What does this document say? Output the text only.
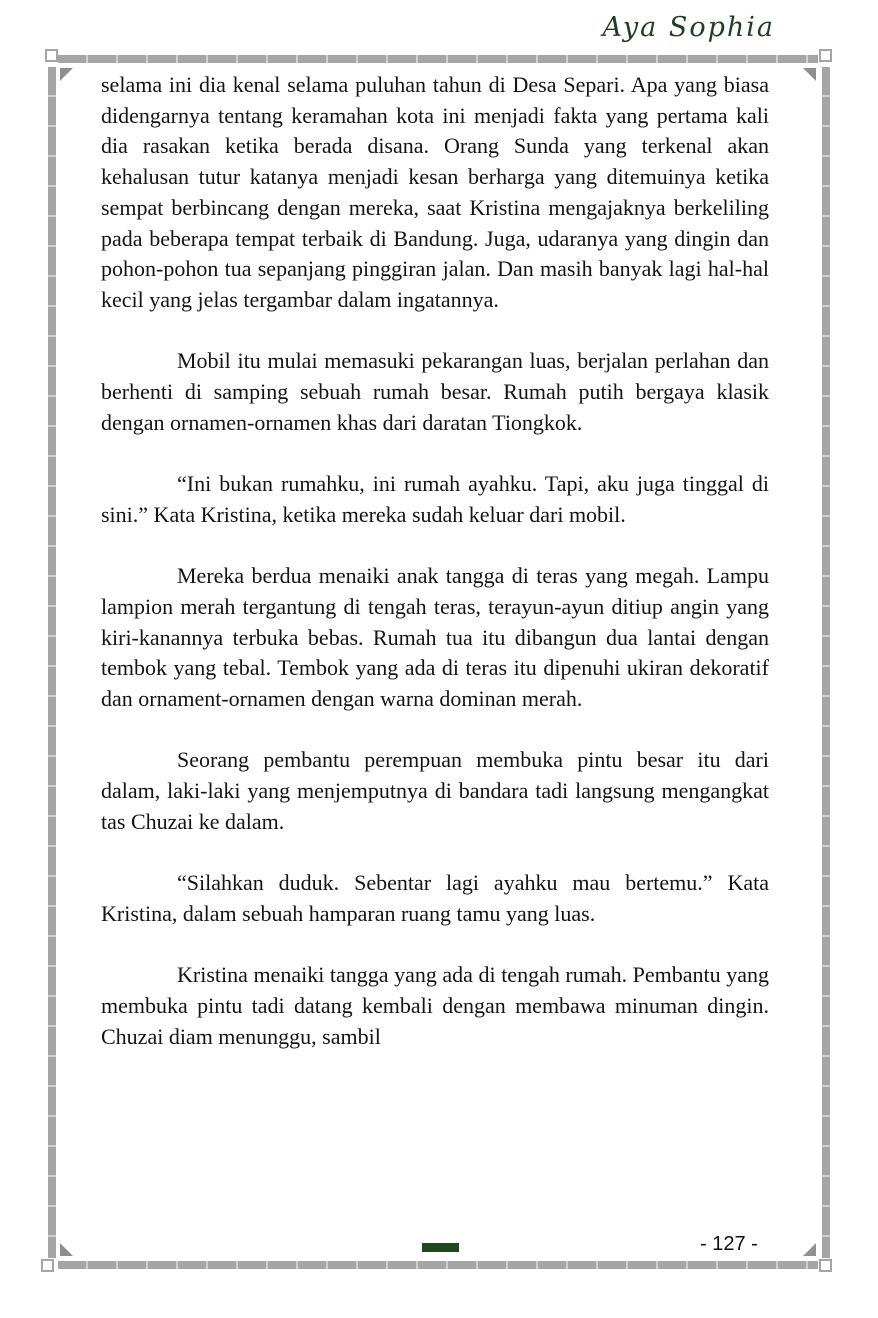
Aya Sophia

selama ini dia kenal selama puluhan tahun di Desa Separi. Apa yang biasa didengarnya tentang keramahan kota ini menjadi fakta yang pertama kali dia rasakan ketika berada disana. Orang Sunda yang terkenal akan kehalusan tutur katanya menjadi kesan berharga yang ditemuinya ketika sempat berbincang dengan mereka, saat Kristina mengajaknya berkeliling pada beberapa tempat terbaik di Bandung. Juga, udaranya yang dingin dan pohon-pohon tua sepanjang pinggiran jalan. Dan masih banyak lagi hal-hal kecil yang jelas tergambar dalam ingatannya.

Mobil itu mulai memasuki pekarangan luas, berjalan perlahan dan berhenti di samping sebuah rumah besar. Rumah putih bergaya klasik dengan ornamen-ornamen khas dari daratan Tiongkok.

“Ini bukan rumahku, ini rumah ayahku. Tapi, aku juga tinggal di sini.” Kata Kristina, ketika mereka sudah keluar dari mobil.

Mereka berdua menaiki anak tangga di teras yang megah. Lampu lampion merah tergantung di tengah teras, terayun-ayun ditiup angin yang kiri-kanannya terbuka bebas. Rumah tua itu dibangun dua lantai dengan tembok yang tebal. Tembok yang ada di teras itu dipenuhi ukiran dekoratif dan ornament-ornamen dengan warna dominan merah.

Seorang pembantu perempuan membuka pintu besar itu dari dalam, laki-laki yang menjemputnya di bandara tadi langsung mengangkat tas Chuzai ke dalam.

“Silahkan duduk. Sebentar lagi ayahku mau bertemu.” Kata Kristina, dalam sebuah hamparan ruang tamu yang luas.

Kristina menaiki tangga yang ada di tengah rumah. Pembantu yang membuka pintu tadi datang kembali dengan membawa minuman dingin. Chuzai diam menunggu, sambil

- 127 -
